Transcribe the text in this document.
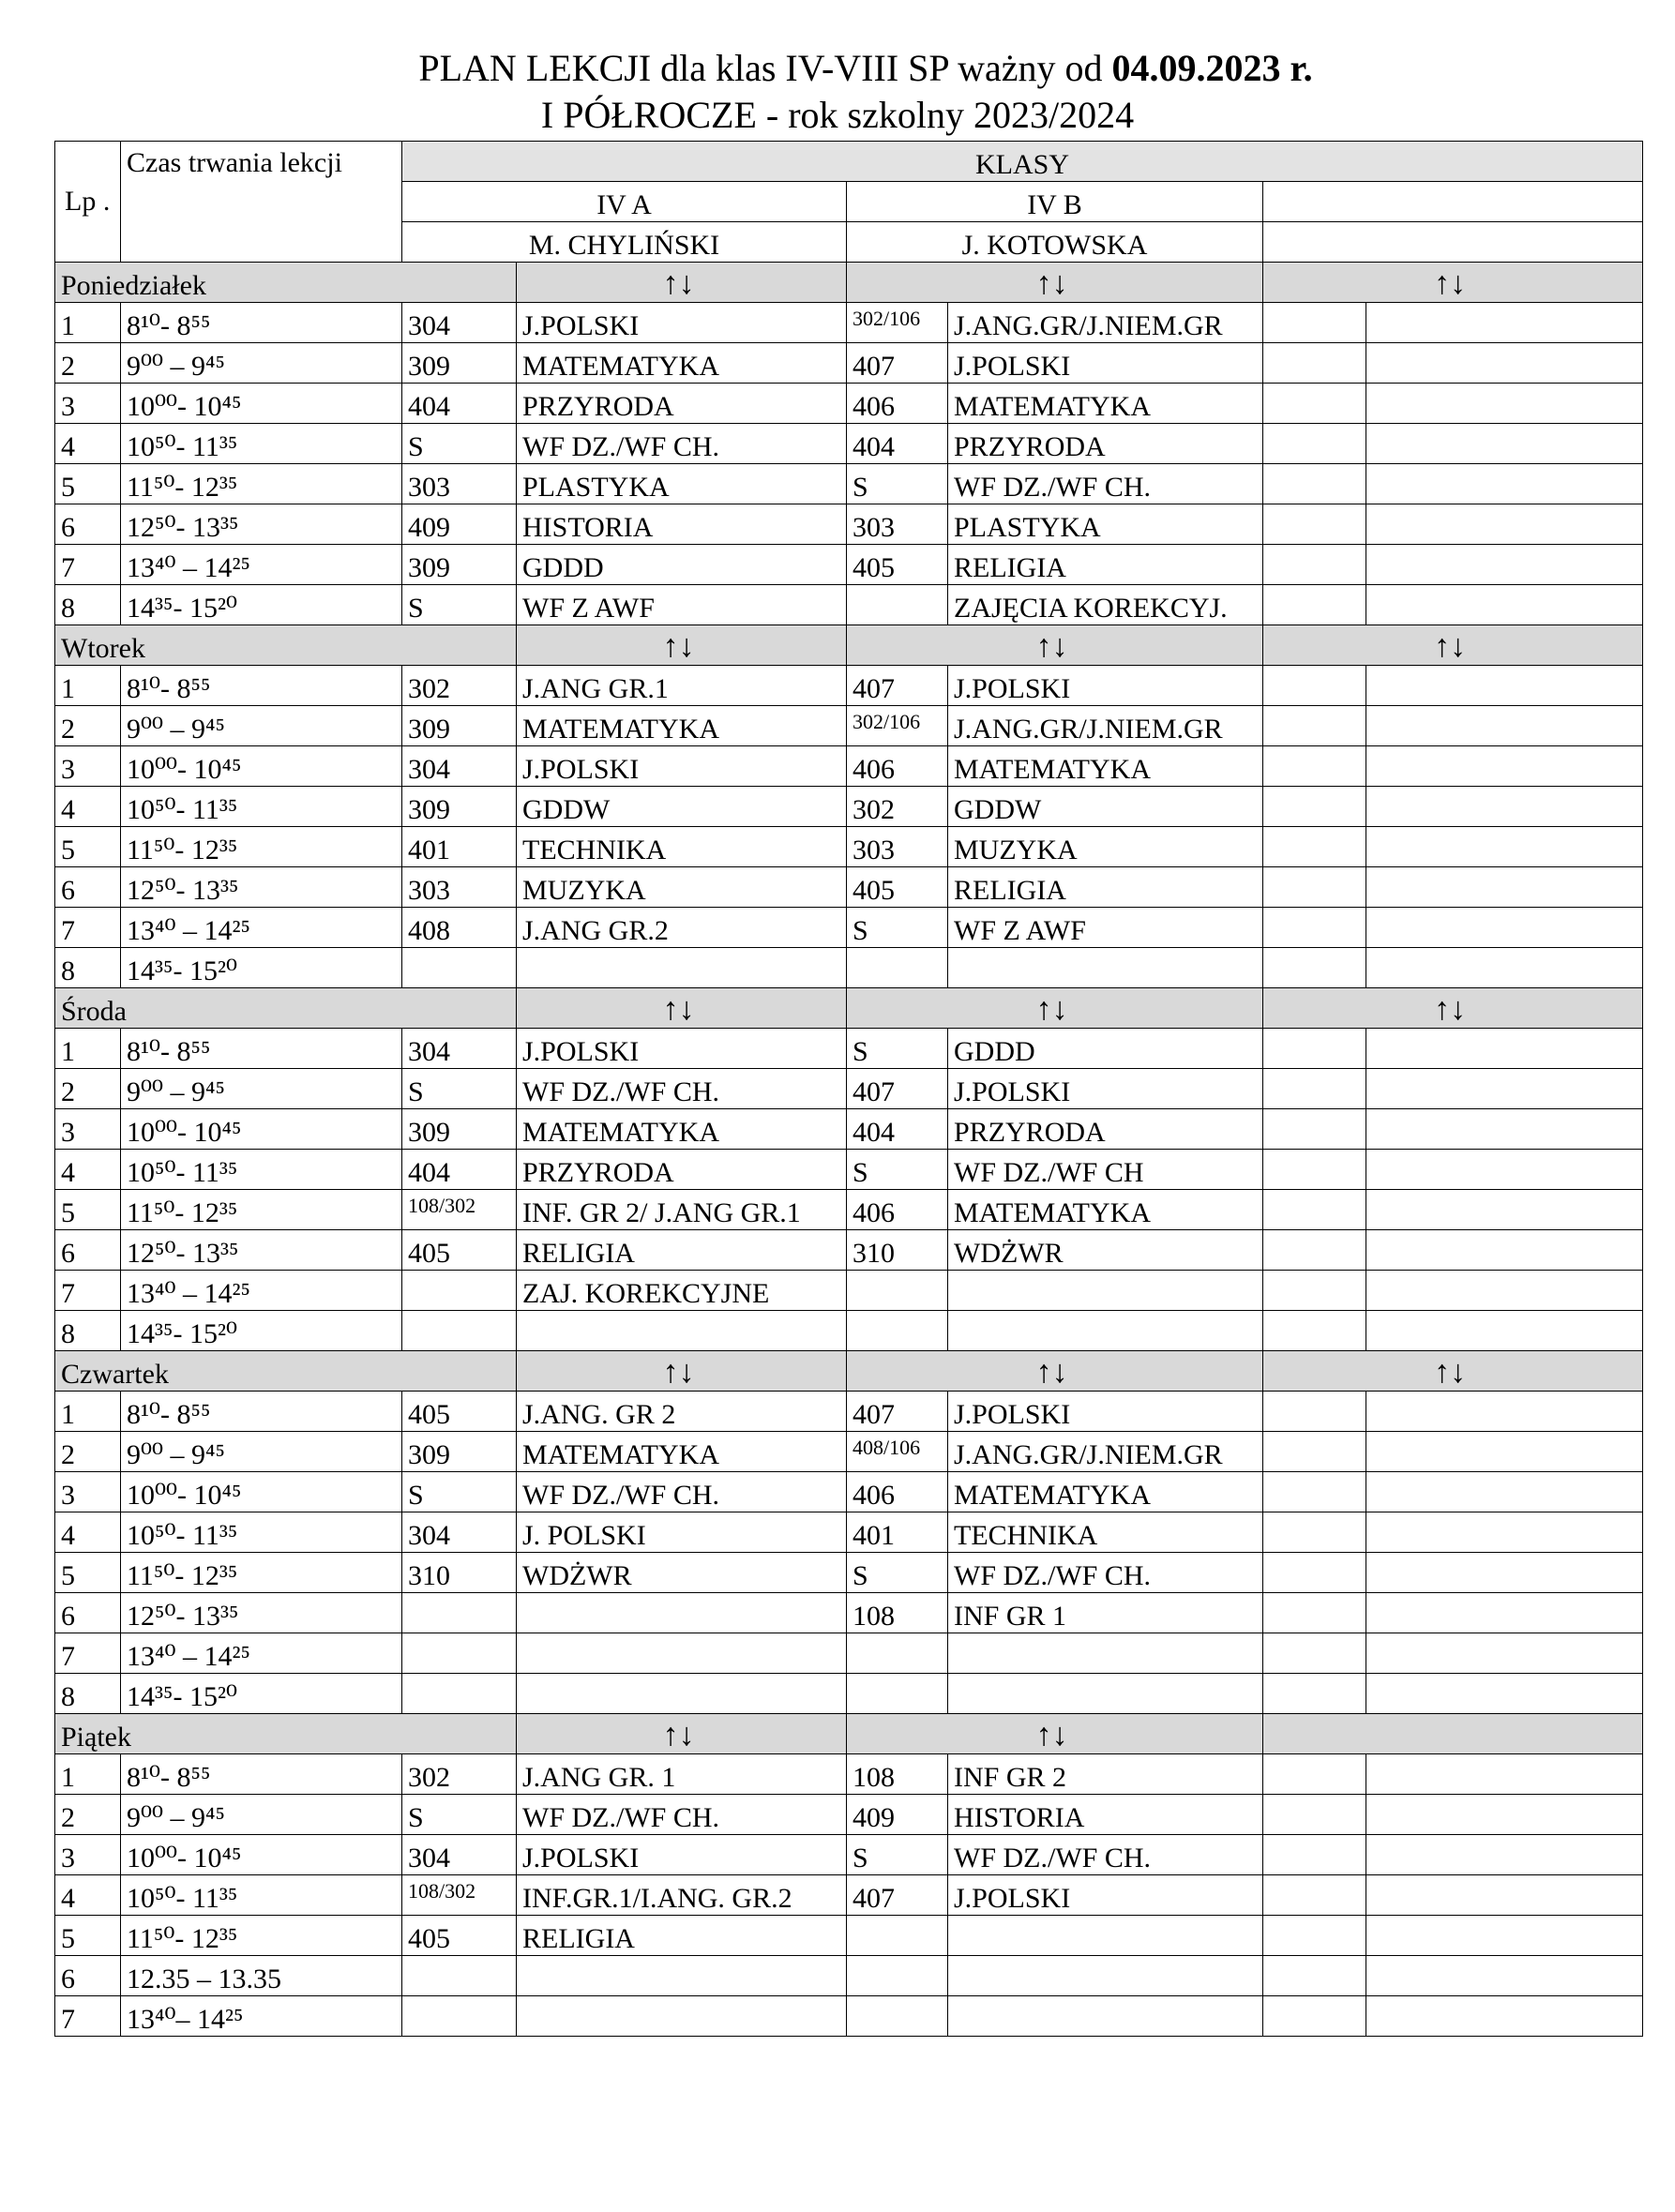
PLAN LEKCJI dla klas IV-VIII SP ważny od 04.09.2023 r.
I PÓŁROCZE - rok szkolny 2023/2024
Lp .	Czas trwania lekcji	KLASY					
		IV A		IV B			
		M. CHYLIŃSKI		J. KOTOWSKA			
Poniedziałek			↑↓	↑↓		↑↓	
1	8¹⁰- 8⁵⁵	304	J.POLSKI	302/106	J.ANG.GR/J.NIEM.GR		
2	9⁰⁰ – 9⁴⁵	309	MATEMATYKA	407	J.POLSKI		
3	10⁰⁰- 10⁴⁵	404	PRZYRODA	406	MATEMATYKA		
4	10⁵⁰- 11³⁵	S	WF DZ./WF CH.	404	PRZYRODA		
5	11⁵⁰- 12³⁵	303	PLASTYKA	S	WF DZ./WF CH.		
6	12⁵⁰- 13³⁵	409	HISTORIA	303	PLASTYKA		
7	13⁴⁰ – 14²⁵	309	GDDD	405	RELIGIA		
8	14³⁵- 15²⁰	S	WF Z AWF		ZAJĘCIA KOREKCYJ.		
Wtorek			↑↓	↑↓		↑↓	
1	8¹⁰- 8⁵⁵	302	J.ANG GR.1	407	J.POLSKI		
2	9⁰⁰ – 9⁴⁵	309	MATEMATYKA	302/106	J.ANG.GR/J.NIEM.GR		
3	10⁰⁰- 10⁴⁵	304	J.POLSKI	406	MATEMATYKA		
4	10⁵⁰- 11³⁵	309	GDDW	302	GDDW		
5	11⁵⁰- 12³⁵	401	TECHNIKA	303	MUZYKA		
6	12⁵⁰- 13³⁵	303	MUZYKA	405	RELIGIA		
7	13⁴⁰ – 14²⁵	408	J.ANG GR.2	S	WF Z AWF		
8	14³⁵- 15²⁰						
Środa			↑↓	↑↓		↑↓	
1	8¹⁰- 8⁵⁵	304	J.POLSKI	S	GDDD		
2	9⁰⁰ – 9⁴⁵	S	WF DZ./WF CH.	407	J.POLSKI		
3	10⁰⁰- 10⁴⁵	309	MATEMATYKA	404	PRZYRODA		
4	10⁵⁰- 11³⁵	404	PRZYRODA	S	WF DZ./WF CH		
5	11⁵⁰- 12³⁵	108/302	INF. GR 2/ J.ANG GR.1	406	MATEMATYKA		
6	12⁵⁰- 13³⁵	405	RELIGIA	310	WDŻWR		
7	13⁴⁰ – 14²⁵		ZAJ. KOREKCYJNE				
8	14³⁵- 15²⁰						
Czwartek			↑↓	↑↓		↑↓	
1	8¹⁰- 8⁵⁵	405	J.ANG. GR 2	407	J.POLSKI		
2	9⁰⁰ – 9⁴⁵	309	MATEMATYKA	408/106	J.ANG.GR/J.NIEM.GR		
3	10⁰⁰- 10⁴⁵	S	WF DZ./WF CH.	406	MATEMATYKA		
4	10⁵⁰- 11³⁵	304	J. POLSKI	401	TECHNIKA		
5	11⁵⁰- 12³⁵	310	WDŻWR	S	WF DZ./WF CH.		
6	12⁵⁰- 13³⁵			108	INF GR 1		
7	13⁴⁰ – 14²⁵						
8	14³⁵- 15²⁰						
Piątek			↑↓	↑↓			
1	8¹⁰- 8⁵⁵	302	J.ANG GR. 1	108	INF GR 2		
2	9⁰⁰ – 9⁴⁵	S	WF DZ./WF CH.	409	HISTORIA		
3	10⁰⁰- 10⁴⁵	304	J.POLSKI	S	WF DZ./WF CH.		
4	10⁵⁰- 11³⁵	108/302	INF.GR.1/I.ANG. GR.2	407	J.POLSKI		
5	11⁵⁰- 12³⁵	405	RELIGIA				
6	12.35 – 13.35						
7	13⁴⁰– 14²⁵						
